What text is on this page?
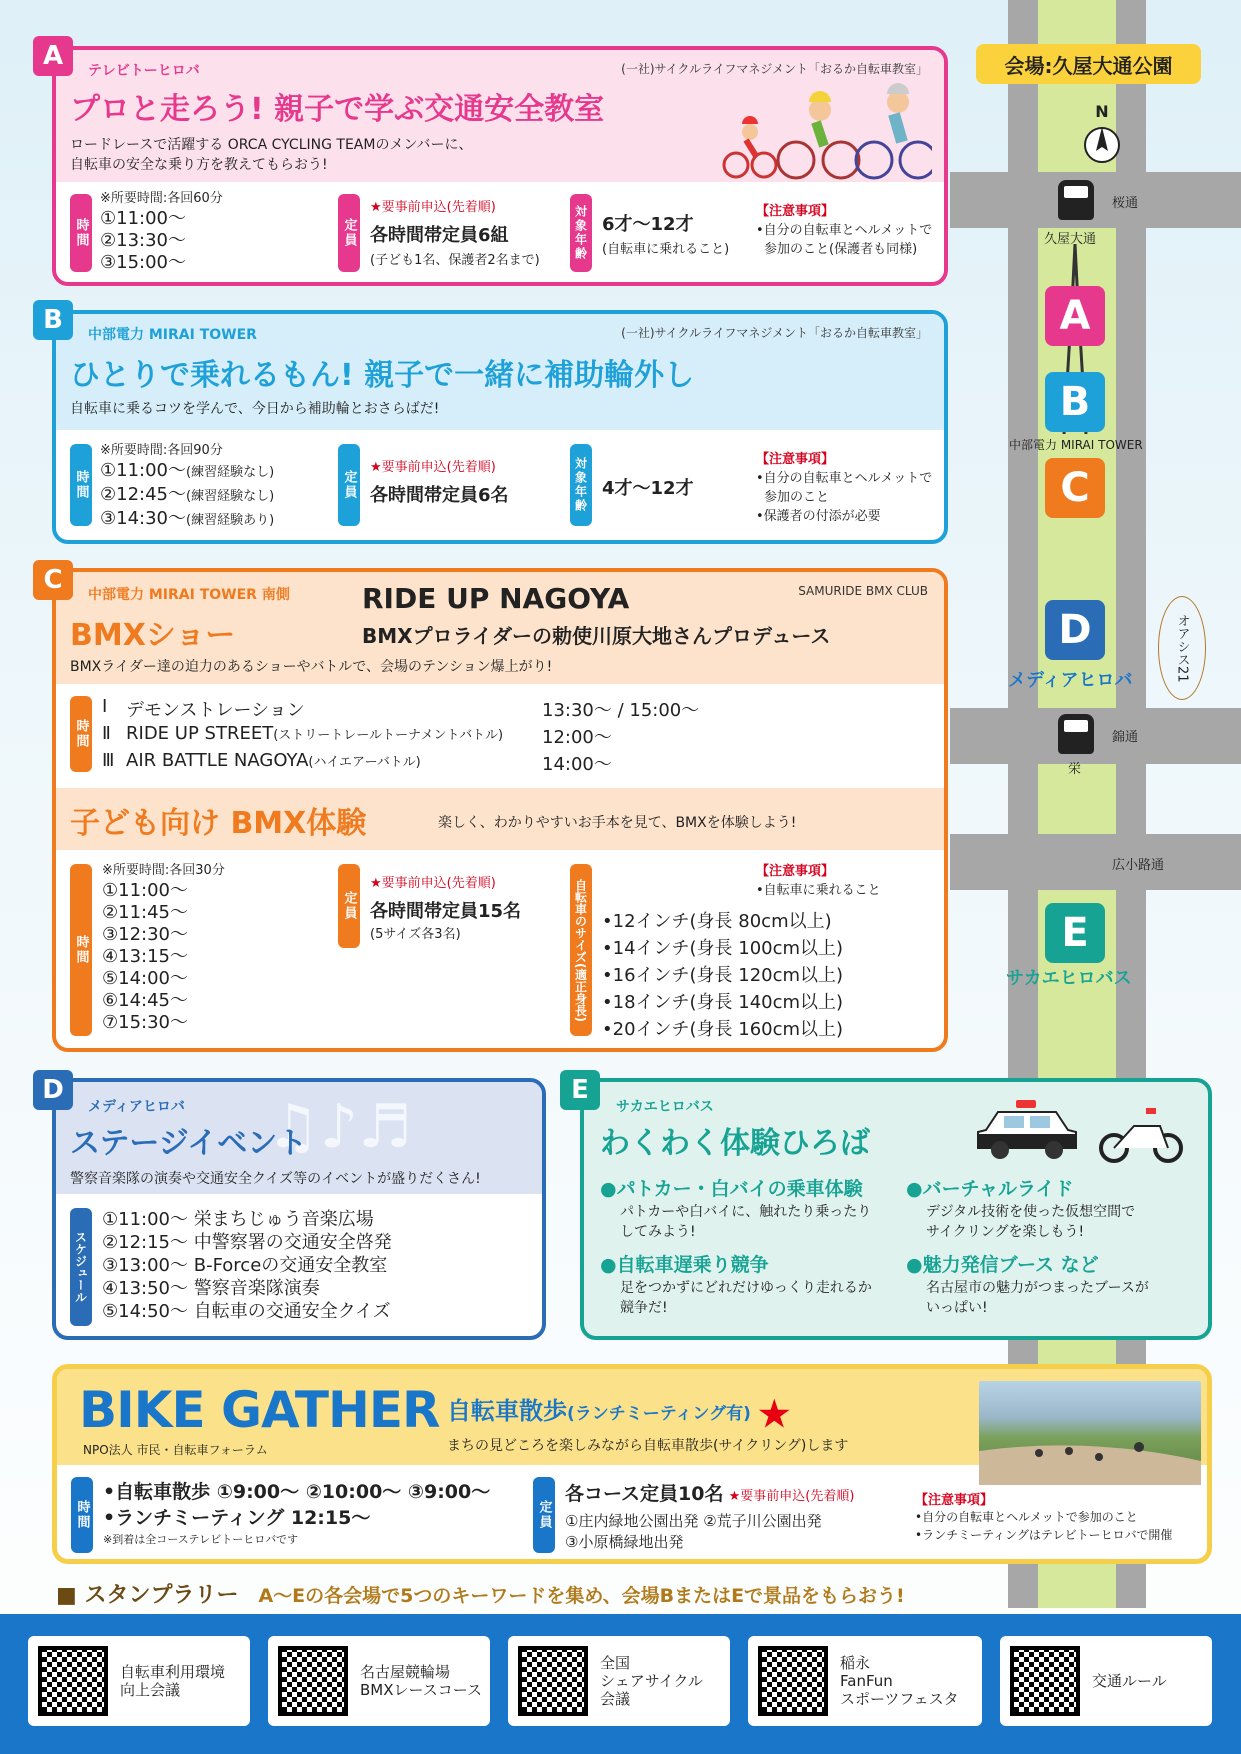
会場:久屋大通公園
N
桜通
久屋大通
A
B
中部電力 MIRAI TOWER
C
D
メディアヒロバ	オアシス21
錦通
栄
広小路通
E
サカエヒロバス
A	テレビトーヒロバ	(一社)サイクルライフマネジメント「おるか自転車教室」
プロと走ろう! 親子で学ぶ交通安全教室
ロードレースで活躍する ORCA CYCLING TEAMのメンバーに、
自転車の安全な乗り方を教えてもらおう!
時間
※所要時間:各回60分
①11:00〜
②13:30〜
③15:00〜
定員
★要事前申込(先着順)
各時間帯定員6組
(子ども1名、保護者2名まで)	対象年齢 6才〜12才
(自転車に乗れること)
【注意事項】
•自分の自転車とヘルメットで
参加のこと(保護者も同様)
B	中部電力 MIRAI TOWER	(一社)サイクルライフマネジメント「おるか自転車教室」
ひとりで乗れるもん! 親子で一緒に補助輪外し
自転車に乗るコツを学んで、今日から補助輪とおさらばだ!
時間
※所要時間:各回90分
①11:00〜(練習経験なし)
②12:45〜(練習経験なし)
③14:30〜(練習経験あり)
定員
★要事前申込(先着順)
各時間帯定員6名	対象年齢 4才〜12才
【注意事項】
•自分の自転車とヘルメットで
参加のこと
•保護者の付添が必要
C	中部電力 MIRAI TOWER 南側	SAMURIDE BMX CLUB
BMXショー
RIDE UP NAGOYA
BMXプロライダーの勅使川原大地さんプロデュース
BMXライダー達の迫力のあるショーやバトルで、会場のテンション爆上がり!
時間
Ⅰ	デモンストレーション	13:30〜 / 15:00〜
Ⅱ RIDE UP STREET(ストリートレールトーナメントバトル)	12:00〜
Ⅲ AIR BATTLE NAGOYA(ハイエアーバトル)	14:00〜
子ども向け BMX体験	楽しく、わかりやすいお手本を見て、BMXを体験しよう!
時間
※所要時間:各回30分
①11:00〜
②11:45〜
③12:30〜
④13:15〜
⑤14:00〜
⑥14:45〜
⑦15:30〜
定員
★要事前申込(先着順)
各時間帯定員15名
(5サイズ各3名)	自転車のサイズ(適正身長)
【注意事項】
•自転車に乗れること
•12インチ(身長 80cm以上)
•14インチ(身長 100cm以上)
•16インチ(身長 120cm以上)
•18インチ(身長 140cm以上)
•20インチ(身長 160cm以上)
D
♫♪♬
メディアヒロバ
ステージイベント
警察音楽隊の演奏や交通安全クイズ等のイベントが盛りだくさん!
スケジュール
①11:00〜 栄まちじゅう音楽広場
②12:15〜 中警察署の交通安全啓発
③13:00〜 B-Forceの交通安全教室
④13:50〜 警察音楽隊演奏
⑤14:50〜 自転車の交通安全クイズ
E
サカエヒロバス
わくわく体験ひろば
●パトカー・白バイの乗車体験
パトカーや白バイに、触れたり乗ったり
してみよう!
●バーチャルライド
デジタル技術を使った仮想空間で
サイクリングを楽しもう!
●自転車遅乗り競争
足をつかずにどれだけゆっくり走れるか
競争だ!
●魅力発信ブース など
名古屋市の魅力がつまったブースが
いっぱい!
BIKE GATHER
NPO法人 市民・自転車フォーラム
自転車散歩(ランチミーティング有) ★
まちの見どころを楽しみながら自転車散歩(サイクリング)します
時間
•自転車散歩 ①9:00〜 ②10:00〜 ③9:00〜
•ランチミーティング 12:15〜
※到着は全コーステレビトーヒロバです
定員
各コース定員10名 ★要事前申込(先着順)
①庄内緑地公園出発 ②荒子川公園出発
③小原橋緑地出発
【注意事項】
•自分の自転車とヘルメットで参加のこと
•ランチミーティングはテレビトーヒロバで開催
■ スタンプラリー A〜Eの各会場で5つのキーワードを集め、会場BまたはEで景品をもらおう!
自転車利用環境
向上会議
名古屋競輪場
BMXレースコース
全国
シェアサイクル
会議
稲永
FanFun
スポーツフェスタ
交通ルール
